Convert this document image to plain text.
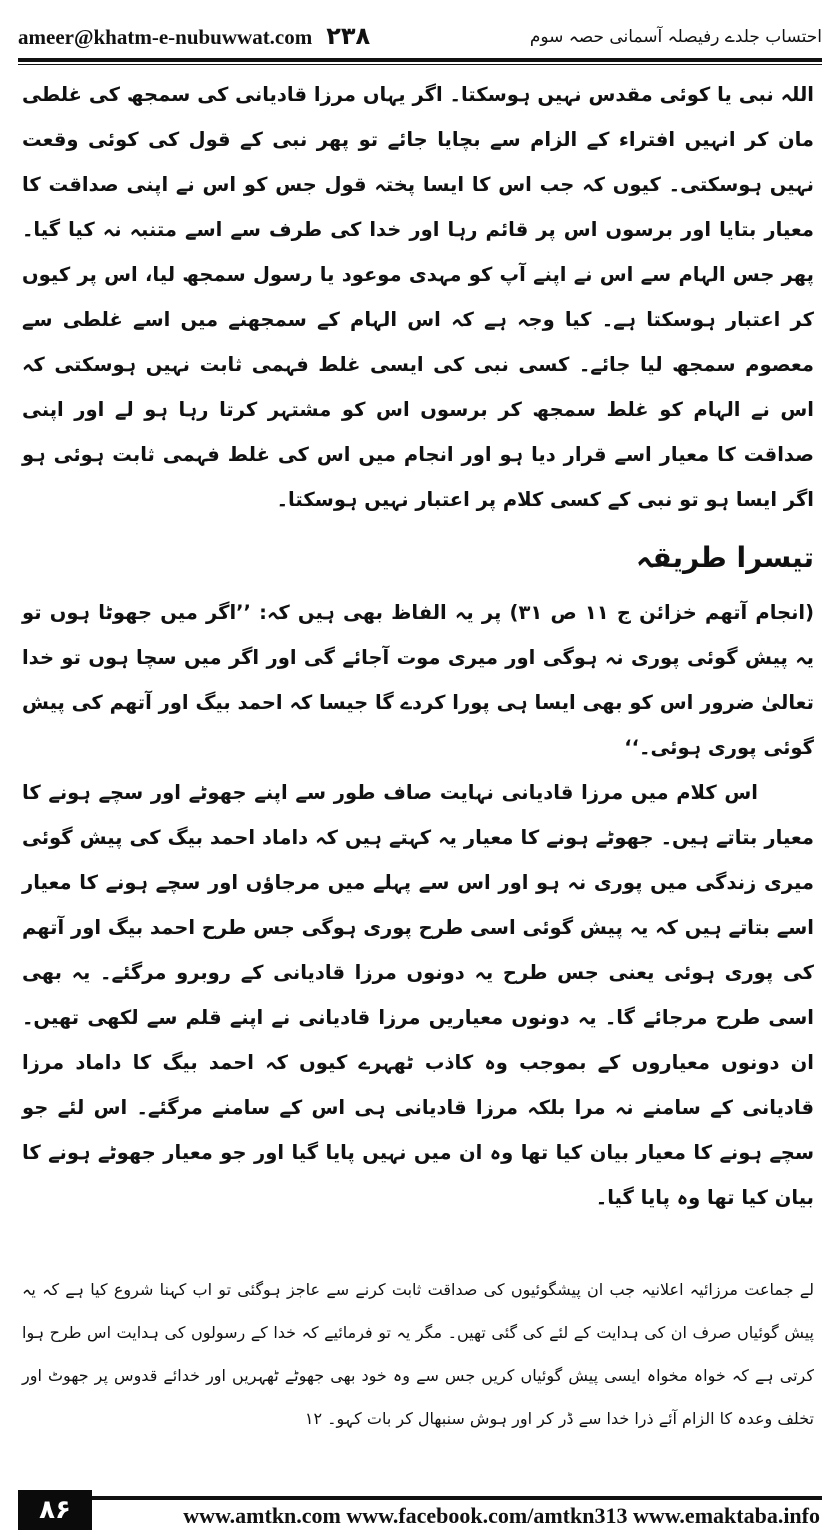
ameer@khatm-e-nubuwwat.com ۲۳۸	احتساب جلدے رفیصلہ آسمانی حصہ سوم

اللہ نبی یا کوئی مقدس نہیں ہوسکتا۔ اگر یہاں مرزا قادیانی کی سمجھ کی غلطی مان کر انہیں افتراء کے الزام سے بچایا جائے تو پھر نبی کے قول کی کوئی وقعت نہیں ہوسکتی۔ کیوں کہ جب اس کا ایسا پختہ قول جس کو اس نے اپنی صداقت کا معیار بتایا اور برسوں اس پر قائم رہا اور خدا کی طرف سے اسے متنبہ نہ کیا گیا۔ پھر جس الہام سے اس نے اپنے آپ کو مہدی موعود یا رسول سمجھ لیا، اس پر کیوں کر اعتبار ہوسکتا ہے۔ کیا وجہ ہے کہ اس الہام کے سمجھنے میں اسے غلطی سے معصوم سمجھ لیا جائے۔ کسی نبی کی ایسی غلط فہمی ثابت نہیں ہوسکتی کہ اس نے الہام کو غلط سمجھ کر برسوں اس کو مشتہر کرتا رہا ہو لے اور اپنی صداقت کا معیار اسے قرار دیا ہو اور انجام میں اس کی غلط فہمی ثابت ہوئی ہو اگر ایسا ہو تو نبی کے کسی کلام پر اعتبار نہیں ہوسکتا۔

تیسرا طریقہ

(انجام آتھم خزائن ج ۱۱ ص ۳۱) پر یہ الفاظ بھی ہیں کہ: ’’اگر میں جھوٹا ہوں تو یہ پیش گوئی پوری نہ ہوگی اور میری موت آجائے گی اور اگر میں سچا ہوں تو خدا تعالیٰ ضرور اس کو بھی ایسا ہی پورا کردے گا جیسا کہ احمد بیگ اور آتھم کی پیش گوئی پوری ہوئی۔‘‘

اس کلام میں مرزا قادیانی نہایت صاف طور سے اپنے جھوٹے اور سچے ہونے کا معیار بتاتے ہیں۔ جھوٹے ہونے کا معیار یہ کہتے ہیں کہ داماد احمد بیگ کی پیش گوئی میری زندگی میں پوری نہ ہو اور اس سے پہلے میں مرجاؤں اور سچے ہونے کا معیار اسے بتاتے ہیں کہ یہ پیش گوئی اسی طرح پوری ہوگی جس طرح احمد بیگ اور آتھم کی پوری ہوئی یعنی جس طرح یہ دونوں مرزا قادیانی کے روبرو مرگئے۔ یہ بھی اسی طرح مرجائے گا۔ یہ دونوں معیاریں مرزا قادیانی نے اپنے قلم سے لکھی تھیں۔ ان دونوں معیاروں کے بموجب وہ کاذب ٹھہرے کیوں کہ احمد بیگ کا داماد مرزا قادیانی کے سامنے نہ مرا بلکہ مرزا قادیانی ہی اس کے سامنے مرگئے۔ اس لئے جو سچے ہونے کا معیار بیان کیا تھا وہ ان میں نہیں پایا گیا اور جو معیار جھوٹے ہونے کا بیان کیا تھا وہ پایا گیا۔

لے جماعت مرزائیہ اعلانیہ جب ان پیشگوئیوں کی صداقت ثابت کرنے سے عاجز ہوگئی تو اب کہنا شروع کیا ہے کہ یہ پیش گوئیاں صرف ان کی ہدایت کے لئے کی گئی تھیں۔ مگر یہ تو فرمائیے کہ خدا کے رسولوں کی ہدایت اس طرح ہوا کرتی ہے کہ خواہ مخواہ ایسی پیش گوئیاں کریں جس سے وہ خود بھی جھوٹے ٹھہریں اور خدائے قدوس پر جھوٹ اور تخلف وعدہ کا الزام آئے ذرا خدا سے ڈر کر اور ہوش سنبھال کر بات کہو۔ ۱۲

۸۶	www.amtkn.com www.facebook.com/amtkn313 www.emaktaba.info
